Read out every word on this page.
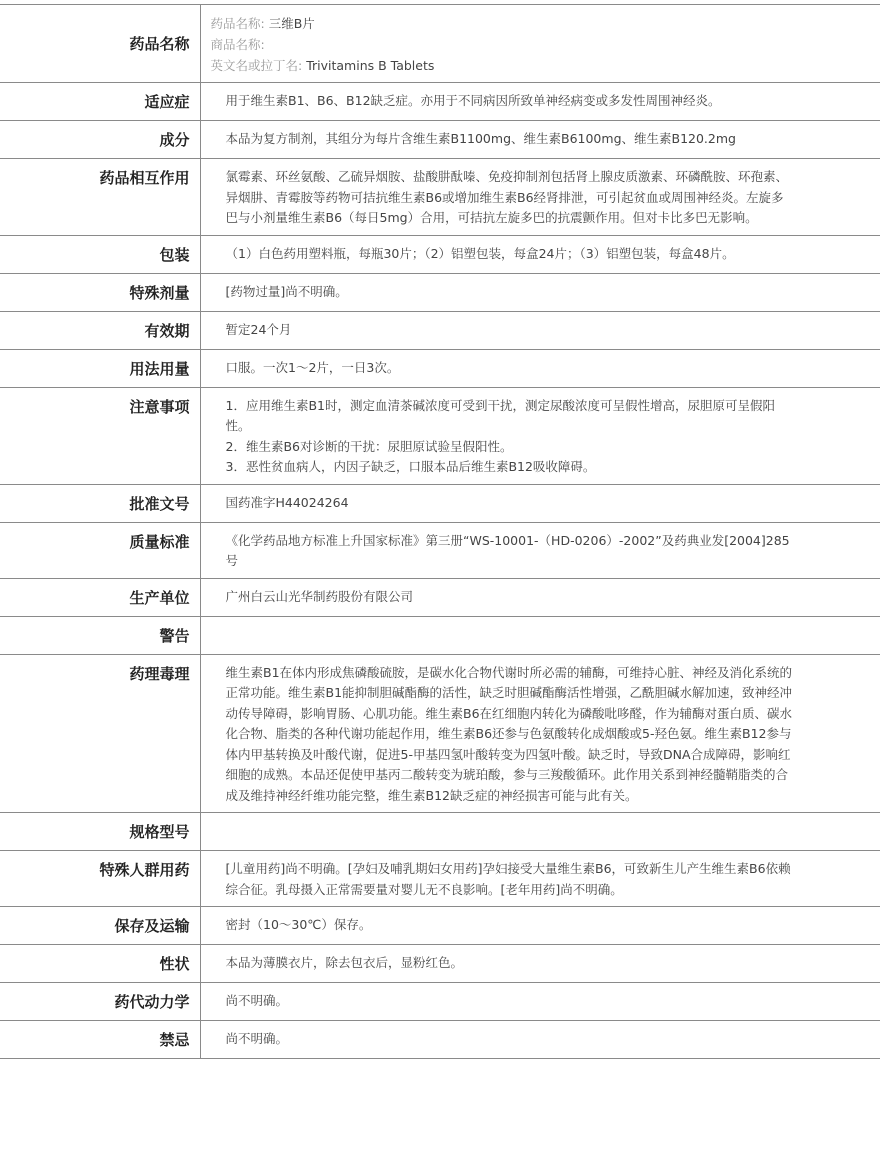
药品名称	药品名称: 三维B片
商品名称:
英文名或拉丁名: Trivitamins B Tablets

适应症	用于维生素B1、B6、B12缺乏症。亦用于不同病因所致单神经病变或多发性周围神经炎。

成分	本品为复方制剂，其组分为每片含维生素B1100mg、维生素B6100mg、维生素B120.2mg

药品相互作用	氯霉素、环丝氨酸、乙硫异烟胺、盐酸肼酞嗪、免疫抑制剂包括肾上腺皮质激素、环磷酰胺、环孢素、异烟肼、青霉胺等药物可拮抗维生素B6或增加维生素B6经肾排泄，可引起贫血或周围神经炎。左旋多巴与小剂量维生素B6（每日5mg）合用，可拮抗左旋多巴的抗震颤作用。但对卡比多巴无影响。

包装	（1）白色药用塑料瓶，每瓶30片；（2）铝塑包装，每盒24片；（3）铝塑包装，每盒48片。

特殊剂量	[药物过量]尚不明确。

有效期	暂定24个月

用法用量	口服。一次1～2片，一日3次。

注意事项	1．应用维生素B1时，测定血清茶碱浓度可受到干扰，测定尿酸浓度可呈假性增高，尿胆原可呈假阳性。
2．维生素B6对诊断的干扰：尿胆原试验呈假阳性。
3．恶性贫血病人，内因子缺乏，口服本品后维生素B12吸收障碍。

批准文号	国药准字H44024264

质量标准	《化学药品地方标准上升国家标准》第三册“WS-10001-（HD-0206）-2002”及药典业发[2004]285号

生产单位	广州白云山光华制药股份有限公司

警告	
药理毒理	维生素B1在体内形成焦磷酸硫胺，是碳水化合物代谢时所必需的辅酶，可维持心脏、神经及消化系统的正常功能。维生素B1能抑制胆碱酯酶的活性，缺乏时胆碱酯酶活性增强，乙酰胆碱水解加速，致神经冲动传导障碍，影响胃肠、心肌功能。维生素B6在红细胞内转化为磷酸吡哆醛，作为辅酶对蛋白质、碳水化合物、脂类的各种代谢功能起作用，维生素B6还参与色氨酸转化成烟酸或5-羟色氨。维生素B12参与体内甲基转换及叶酸代谢，促进5-甲基四氢叶酸转变为四氢叶酸。缺乏时，导致DNA合成障碍，影响红细胞的成熟。本品还促使甲基丙二酸转变为琥珀酸，参与三羧酸循环。此作用关系到神经髓鞘脂类的合成及维持神经纤维功能完整，维生素B12缺乏症的神经损害可能与此有关。

规格型号	
特殊人群用药	[儿童用药]尚不明确。[孕妇及哺乳期妇女用药]孕妇接受大量维生素B6，可致新生儿产生维生素B6依赖综合征。乳母摄入正常需要量对婴儿无不良影响。[老年用药]尚不明确。

保存及运输	密封（10～30℃）保存。

性状	本品为薄膜衣片，除去包衣后，显粉红色。

药代动力学	尚不明确。

禁忌	尚不明确。
